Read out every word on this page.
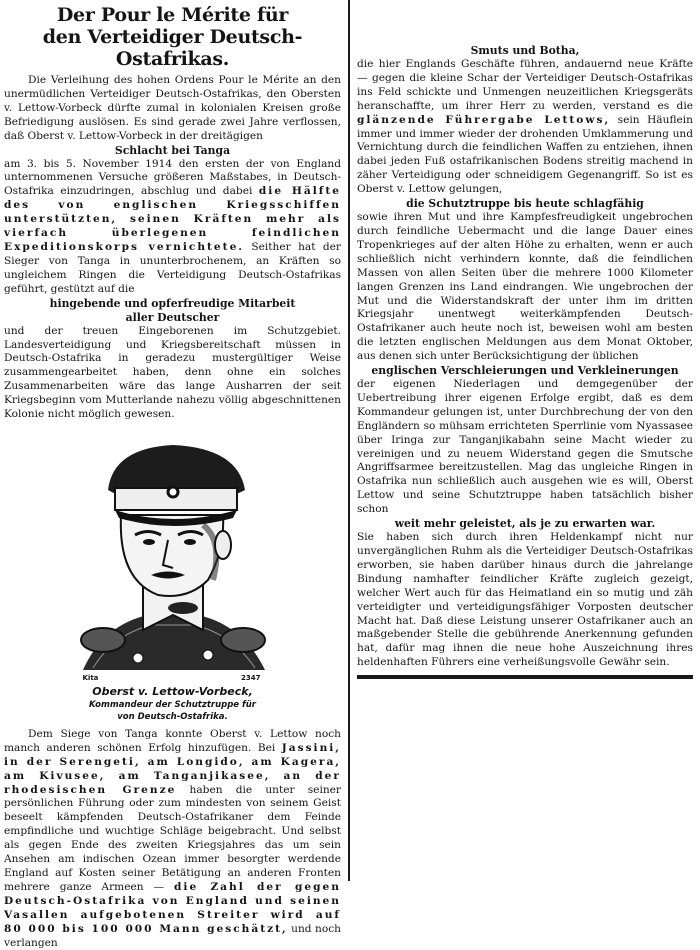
Der Pour le Mérite für
den Verteidiger Deutsch-Ostafrikas.

Die Verleihung des hohen Ordens Pour le Mérite an den unermüdlichen Verteidiger Deutsch-Ostafrikas, den Obersten v. Lettow-Vorbeck dürfte zumal in kolonialen Kreisen große Befriedigung auslösen. Es sind gerade zwei Jahre verflossen, daß Oberst v. Lettow-Vorbeck in der dreitägigen

Schlacht bei Tanga

am 3. bis 5. November 1914 den ersten der von England unternommenen Versuche größeren Maßstabes, in Deutsch-Ostafrika einzudringen, abschlug und dabei die Hälfte des von englischen Kriegsschiffen unterstützten, seinen Kräften mehr als vierfach überlegenen feindlichen Expeditionskorps vernichtete. Seither hat der Sieger von Tanga in ununterbrochenem, an Kräften so ungleichem Ringen die Verteidigung Deutsch-Ostafrikas geführt, gestützt auf die

hingebende und opferfreudige Mitarbeit
aller Deutscher

und der treuen Eingeborenen im Schutzgebiet. Landesverteidigung und Kriegsbereitschaft müssen in Deutsch-Ostafrika in geradezu mustergültiger Weise zusammengearbeitet haben, denn ohne ein solches Zusammenarbeiten wäre das lange Ausharren der seit Kriegsbeginn vom Mutterlande nahezu völlig abgeschnittenen Kolonie nicht möglich gewesen.

Kita	2347
Oberst v. Lettow-Vorbeck,
Kommandeur der Schutztruppe für
von Deutsch-Ostafrika.

Dem Siege von Tanga konnte Oberst v. Lettow noch manch anderen schönen Erfolg hinzufügen. Bei Jassini, in der Serengeti, am Longido, am Kagera, am Kivusee, am Tanganjikasee, an der rhodesischen Grenze haben die unter seiner persönlichen Führung oder zum mindesten von seinem Geist beseelt kämpfenden Deutsch-Ostafrikaner dem Feinde empfindliche und wuchtige Schläge beigebracht. Und selbst als gegen Ende des zweiten Kriegsjahres das um sein Ansehen am indischen Ozean immer besorgter werdende England auf Kosten seiner Betätigung an anderen Fronten mehrere ganze Armeen — die Zahl der gegen Deutsch-Ostafrika von England und seinen Vasallen aufgebotenen Streiter wird auf 80 000 bis 100 000 Mann geschätzt, und noch verlangen

Smuts und Botha,

die hier Englands Geschäfte führen, andauernd neue Kräfte — gegen die kleine Schar der Verteidiger Deutsch-Ostafrikas ins Feld schickte und Unmengen neuzeitlichen Kriegsgeräts heranschaffte, um ihrer Herr zu werden, verstand es die glänzende Führergabe Lettows, sein Häuflein immer und immer wieder der drohenden Umklammerung und Vernichtung durch die feindlichen Waffen zu entziehen, ihnen dabei jeden Fuß ostafrikanischen Bodens streitig machend in zäher Verteidigung oder schneidigem Gegenangriff. So ist es Oberst v. Lettow gelungen,

die Schutztruppe bis heute schlagfähig

sowie ihren Mut und ihre Kampfesfreudigkeit ungebrochen durch feindliche Uebermacht und die lange Dauer eines Tropenkrieges auf der alten Höhe zu erhalten, wenn er auch schließlich nicht verhindern konnte, daß die feindlichen Massen von allen Seiten über die mehrere 1000 Kilometer langen Grenzen ins Land eindrangen. Wie ungebrochen der Mut und die Widerstandskraft der unter ihm im dritten Kriegsjahr unentwegt weiterkämpfenden Deutsch-Ostafrikaner auch heute noch ist, beweisen wohl am besten die letzten englischen Meldungen aus dem Monat Oktober, aus denen sich unter Berücksichtigung der üblichen

englischen Verschleierungen und Verkleinerungen

der eigenen Niederlagen und demgegenüber der Uebertreibung ihrer eigenen Erfolge ergibt, daß es dem Kommandeur gelungen ist, unter Durchbrechung der von den Engländern so mühsam errichteten Sperrlinie vom Nyassasee über Iringa zur Tanganjikabahn seine Macht wieder zu vereinigen und zu neuem Widerstand gegen die Smutsche Angriffsarmee bereitzustellen. Mag das ungleiche Ringen in Ostafrika nun schließlich auch ausgehen wie es will, Oberst Lettow und seine Schutztruppe haben tatsächlich bisher schon

weit mehr geleistet, als je zu erwarten war.

Sie haben sich durch ihren Heldenkampf nicht nur unvergänglichen Ruhm als die Verteidiger Deutsch-Ostafrikas erworben, sie haben darüber hinaus durch die jahrelange Bindung namhafter feindlicher Kräfte zugleich gezeigt, welcher Wert auch für das Heimatland ein so mutig und zäh verteidigter und verteidigungsfähiger Vorposten deutscher Macht hat. Daß diese Leistung unserer Ostafrikaner auch an maßgebender Stelle die gebührende Anerkennung gefunden hat, dafür mag ihnen die neue hohe Auszeichnung ihres heldenhaften Führers eine verheißungsvolle Gewähr sein.
